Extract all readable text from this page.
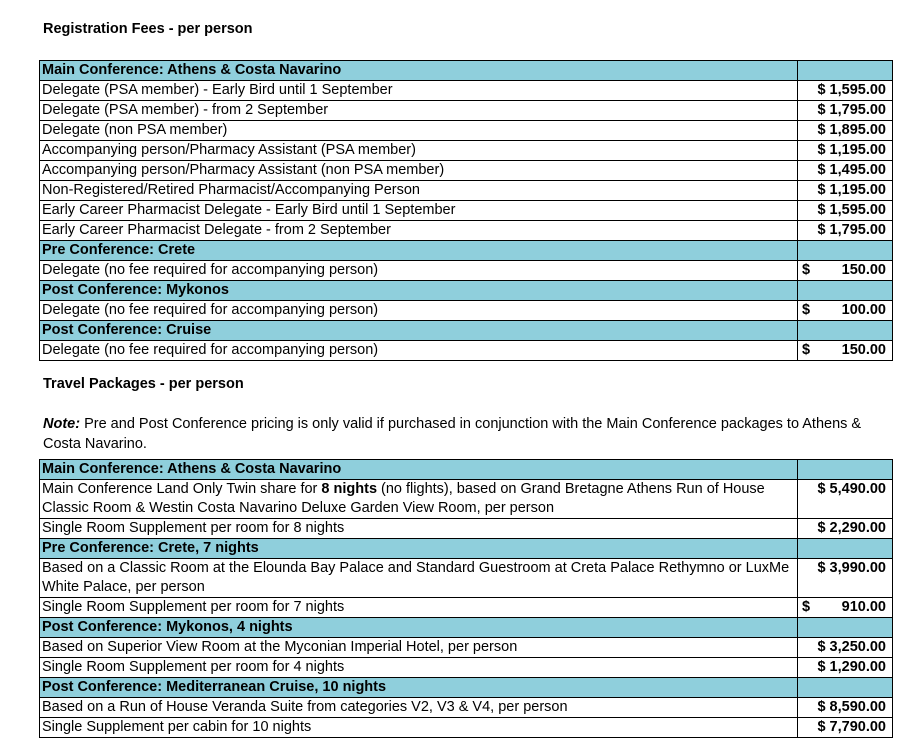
Registration Fees - per person
Main Conference: Athens & Costa Navarino	
Delegate (PSA member) - Early Bird until 1 September	$ 1,595.00

Delegate (PSA member) - from 2 September	$ 1,795.00

Delegate (non PSA member)	$ 1,895.00

Accompanying person/Pharmacy Assistant (PSA member)	$ 1,195.00

Accompanying person/Pharmacy Assistant (non PSA member)	$ 1,495.00

Non-Registered/Retired Pharmacist/Accompanying Person	$ 1,195.00

Early Career Pharmacist Delegate - Early Bird until 1 September	$ 1,595.00

Early Career Pharmacist Delegate - from 2 September	$ 1,795.00

Pre Conference: Crete	
Delegate (no fee required for accompanying person)	$ 150.00

Post Conference: Mykonos	
Delegate (no fee required for accompanying person)	$ 100.00

Post Conference: Cruise	
Delegate (no fee required for accompanying person)	$ 150.00
Travel Packages - per person
Note: Pre and Post Conference pricing is only valid if purchased in conjunction with the Main Conference packages to Athens & Costa Navarino.
Main Conference: Athens & Costa Navarino	
Main Conference Land Only Twin share for 8 nights (no flights), based on Grand Bretagne Athens Run of House Classic Room & Westin Costa Navarino Deluxe Garden View Room, per person	$ 5,490.00

Single Room Supplement per room for 8 nights	$ 2,290.00

Pre Conference: Crete, 7 nights	
Based on a Classic Room at the Elounda Bay Palace and Standard Guestroom at Creta Palace Rethymno or LuxMe White Palace, per person	$ 3,990.00

Single Room Supplement per room for 7 nights	$ 910.00

Post Conference: Mykonos, 4 nights	
Based on Superior View Room at the Myconian Imperial Hotel, per person	$ 3,250.00

Single Room Supplement per room for 4 nights	$ 1,290.00

Post Conference: Mediterranean Cruise, 10 nights	
Based on a Run of House Veranda Suite from categories V2, V3 & V4, per person	$ 8,590.00

Single Supplement per cabin for 10 nights	$ 7,790.00
